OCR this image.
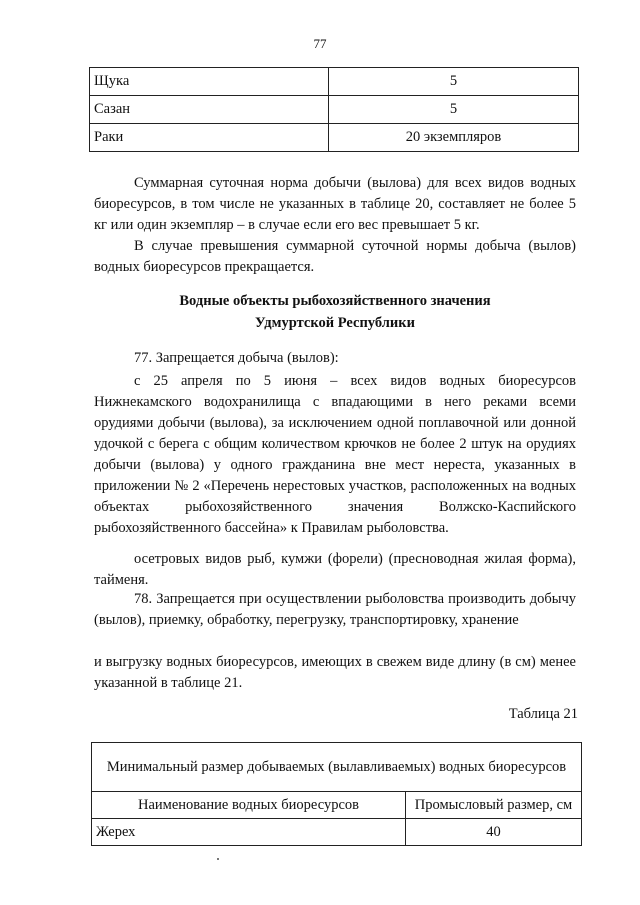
77
Щука	5
Сазан	5
Раки	20 экземпляров

Суммарная суточная норма добычи (вылова) для всех видов водных биоресурсов, в том числе не указанных в таблице 20, составляет не более 5 кг или один экземпляр – в случае если его вес превышает 5 кг.

В случае превышения суммарной суточной нормы добыча (вылов) водных биоресурсов прекращается.

Водные объекты рыбохозяйственного значения
Удмуртской Республики

77. Запрещается добыча (вылов):

с 25 апреля по 5 июня – всех видов водных биоресурсов Нижнекамского водохранилища с впадающими в него реками всеми орудиями добычи (вылова), за исключением одной поплавочной или донной удочкой с берега с общим количеством крючков не более 2 штук на орудиях добычи (вылова) у одного гражданина вне мест нереста, указанных в приложении № 2 «Перечень нерестовых участков, расположенных на водных объектах рыбохозяйственного значения Волжско-Каспийского рыбохозяйственного бассейна» к Правилам рыболовства.

осетровых видов рыб, кумжи (форели) (пресноводная жилая форма), тайменя.

78. Запрещается при осуществлении рыболовства производить добычу (вылов), приемку, обработку, перегрузку, транспортировку, хранение

и выгрузку водных биоресурсов, имеющих в свежем виде длину (в см) менее указанной в таблице 21.

Таблица 21
Минимальный размер добываемых (вылавливаемых) водных биоресурсов	
Наименование водных биоресурсов	Промысловый размер, см
Жерех	40
